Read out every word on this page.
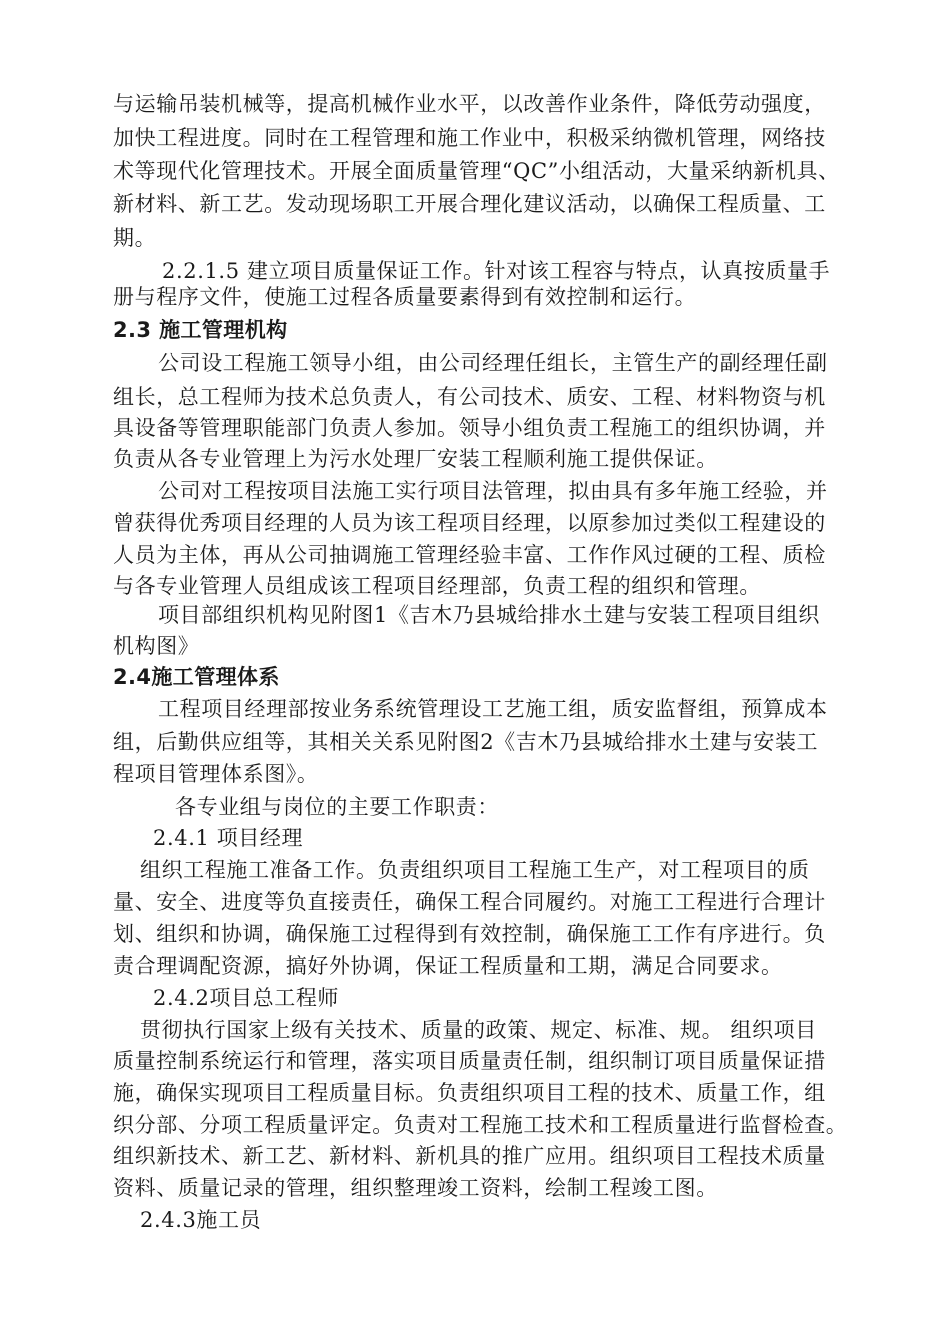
与运输吊装机械等，提高机械作业水平，以改善作业条件，降低劳动强度，
加快工程进度。同时在工程管理和施工作业中，积极采纳微机管理，网络技
术等现代化管理技术。开展全面质量管理“QC”小组活动，大量采纳新机具、
新材料、新工艺。发动现场职工开展合理化建议活动，以确保工程质量、工
期。
2.2.1.5 建立项目质量保证工作。针对该工程容与特点，认真按质量手
册与程序文件，使施工过程各质量要素得到有效控制和运行。
2.3 施工管理机构
公司设工程施工领导小组，由公司经理任组长，主管生产的副经理任副
组长，总工程师为技术总负责人，有公司技术、质安、工程、材料物资与机
具设备等管理职能部门负责人参加。领导小组负责工程施工的组织协调，并
负责从各专业管理上为污水处理厂安装工程顺利施工提供保证。
公司对工程按项目法施工实行项目法管理，拟由具有多年施工经验，并
曾获得优秀项目经理的人员为该工程项目经理，以原参加过类似工程建设的
人员为主体，再从公司抽调施工管理经验丰富、工作作风过硬的工程、质检
与各专业管理人员组成该工程项目经理部，负责工程的组织和管理。
项目部组织机构见附图1《吉木乃县城给排水土建与安装工程项目组织
机构图》
2.4施工管理体系
工程项目经理部按业务系统管理设工艺施工组，质安监督组，预算成本
组，后勤供应组等，其相关关系见附图2《吉木乃县城给排水土建与安装工
程项目管理体系图》。
各专业组与岗位的主要工作职责：
2.4.1 项目经理
组织工程施工准备工作。负责组织项目工程施工生产，对工程项目的质
量、安全、进度等负直接责任，确保工程合同履约。对施工工程进行合理计
划、组织和协调，确保施工过程得到有效控制，确保施工工作有序进行。负
责合理调配资源，搞好外协调，保证工程质量和工期，满足合同要求。
2.4.2项目总工程师
贯彻执行国家上级有关技术、质量的政策、规定、标准、规。 组织项目
质量控制系统运行和管理，落实项目质量责任制，组织制订项目质量保证措
施，确保实现项目工程质量目标。负责组织项目工程的技术、质量工作，组
织分部、分项工程质量评定。负责对工程施工技术和工程质量进行监督检查。
组织新技术、新工艺、新材料、新机具的推广应用。组织项目工程技术质量
资料、质量记录的管理，组织整理竣工资料，绘制工程竣工图。
2.4.3施工员
